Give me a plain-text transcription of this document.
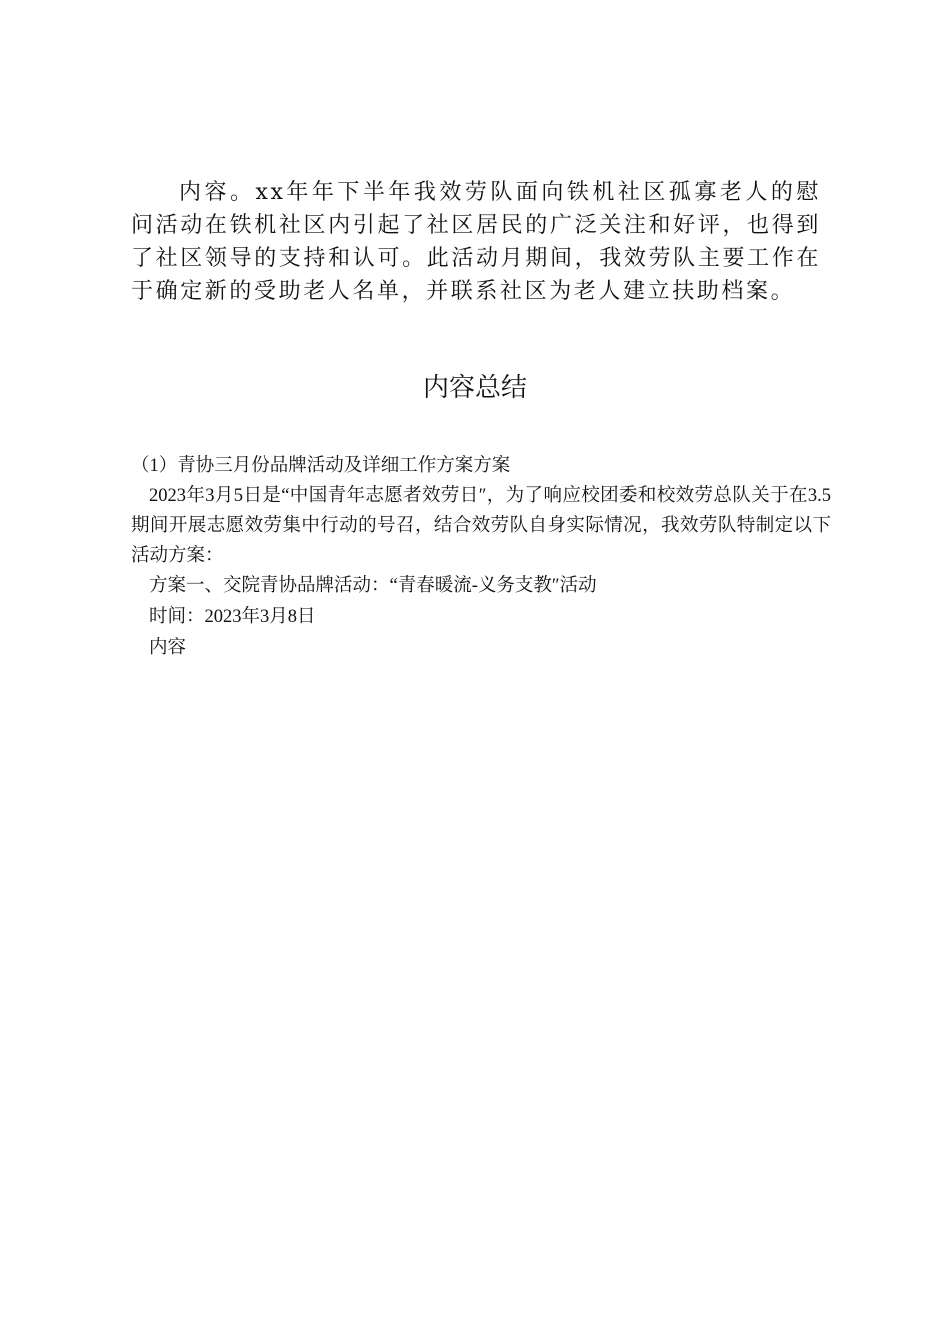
内容。xx年年下半年我效劳队面向铁机社区孤寡老人的慰问活动在铁机社区内引起了社区居民的广泛关注和好评，也得到了社区领导的支持和认可。此活动月期间，我效劳队主要工作在于确定新的受助老人名单，并联系社区为老人建立扶助档案。

内容总结

（1）青协三月份品牌活动及详细工作方案方案

2023年3月5日是“中国青年志愿者效劳日″，为了响应校团委和校效劳总队关于在3.5期间开展志愿效劳集中行动的号召，结合效劳队自身实际情况，我效劳队特制定以下活动方案：

方案一、交院青协品牌活动：“青春暖流-义务支教″活动

时间：2023年3月8日

内容
